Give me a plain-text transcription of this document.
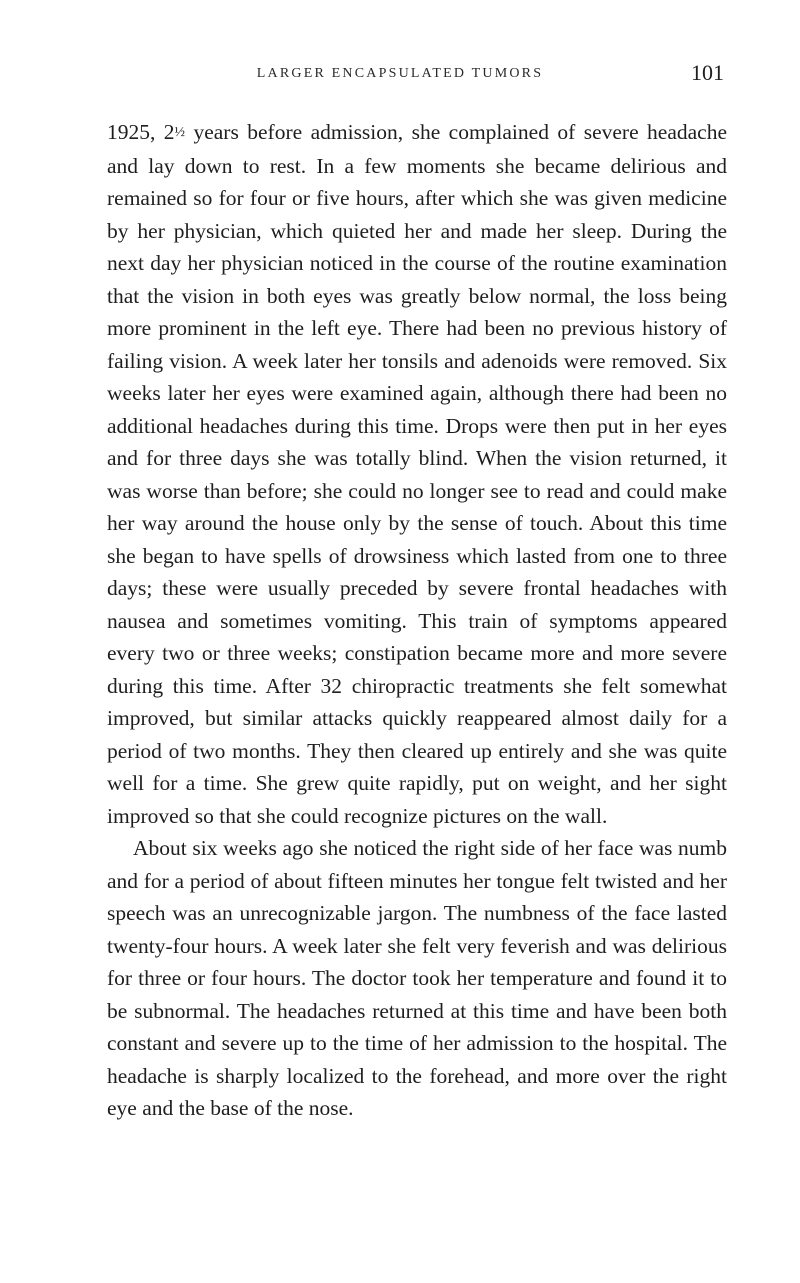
LARGER ENCAPSULATED TUMORS	101

1925, 2½ years before admission, she complained of severe headache and lay down to rest. In a few moments she became delirious and remained so for four or five hours, after which she was given medicine by her physician, which quieted her and made her sleep. During the next day her physician noticed in the course of the routine examination that the vision in both eyes was greatly below normal, the loss being more prominent in the left eye. There had been no previous history of failing vision. A week later her tonsils and adenoids were removed. Six weeks later her eyes were examined again, although there had been no additional headaches during this time. Drops were then put in her eyes and for three days she was totally blind. When the vision returned, it was worse than before; she could no longer see to read and could make her way around the house only by the sense of touch. About this time she began to have spells of drowsiness which lasted from one to three days; these were usually preceded by severe frontal headaches with nausea and sometimes vomiting. This train of symptoms appeared every two or three weeks; constipation became more and more severe during this time. After 32 chiropractic treatments she felt somewhat improved, but similar attacks quickly reappeared almost daily for a period of two months. They then cleared up entirely and she was quite well for a time. She grew quite rapidly, put on weight, and her sight improved so that she could recognize pictures on the wall.

About six weeks ago she noticed the right side of her face was numb and for a period of about fifteen minutes her tongue felt twisted and her speech was an unrecognizable jargon. The numbness of the face lasted twenty-four hours. A week later she felt very feverish and was delirious for three or four hours. The doctor took her temperature and found it to be subnormal. The headaches returned at this time and have been both constant and severe up to the time of her admission to the hospital. The headache is sharply localized to the forehead, and more over the right eye and the base of the nose.
